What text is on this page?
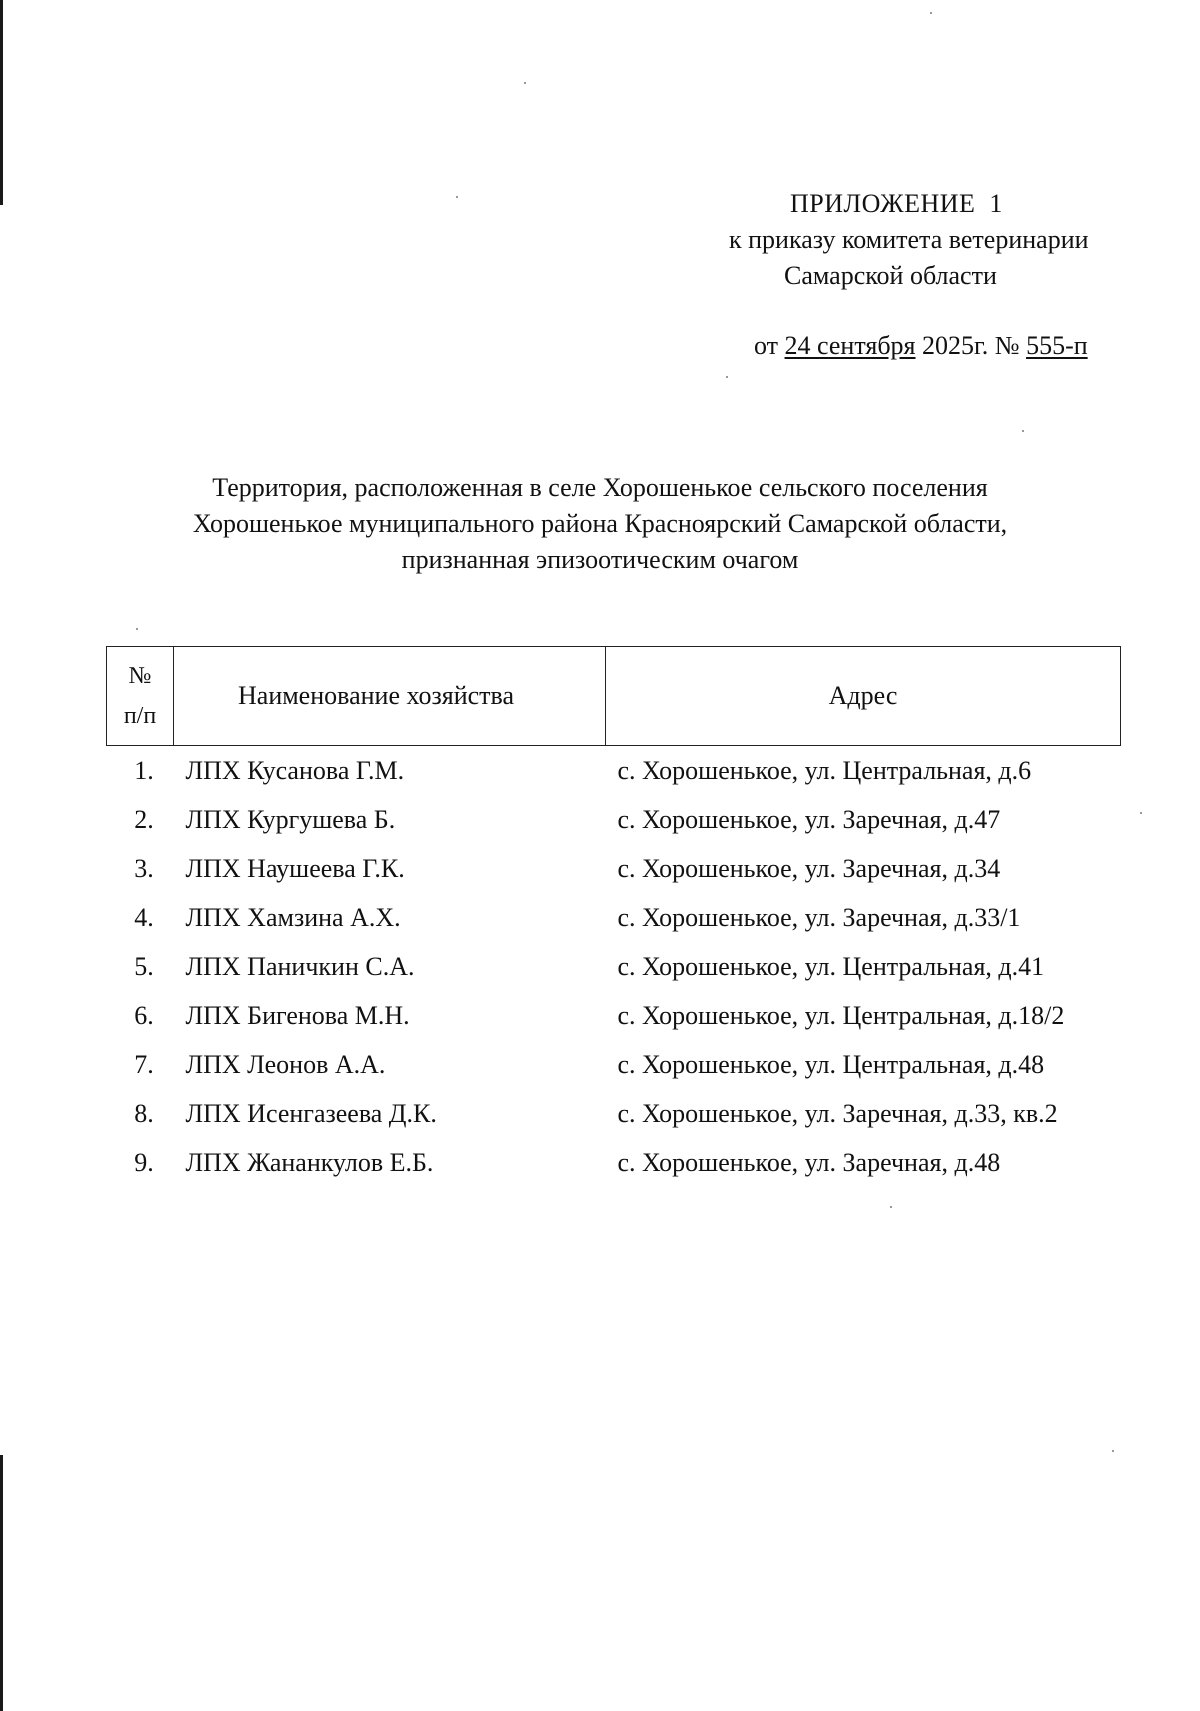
ПРИЛОЖЕНИЕ  1
к приказу комитета ветеринарии
Самарской области
от 24 сентября 2025г. № 555-п
Территория, расположенная в селе Хорошенькое сельского поселения
Хорошенькое муниципального района Красноярский Самарской области,
признанная эпизоотическим очагом
№
п/п	Наименование хозяйства	Адрес
1.	ЛПХ Кусанова Г.М.	с. Хорошенькое, ул. Центральная, д.6
2.	ЛПХ Кургушева Б.	с. Хорошенькое, ул. Заречная, д.47
3.	ЛПХ Наушеева Г.К.	с. Хорошенькое, ул. Заречная, д.34
4.	ЛПХ Хамзина А.Х.	с. Хорошенькое, ул. Заречная, д.33/1
5.	ЛПХ Паничкин С.А.	с. Хорошенькое, ул. Центральная, д.41
6.	ЛПХ Бигенова М.Н.	с. Хорошенькое, ул. Центральная, д.18/2
7.	ЛПХ Леонов А.А.	с. Хорошенькое, ул. Центральная, д.48
8.	ЛПХ Исенгазеева Д.К.	с. Хорошенькое, ул. Заречная, д.33, кв.2
9.	ЛПХ Жананкулов Е.Б.	с. Хорошенькое, ул. Заречная, д.48
